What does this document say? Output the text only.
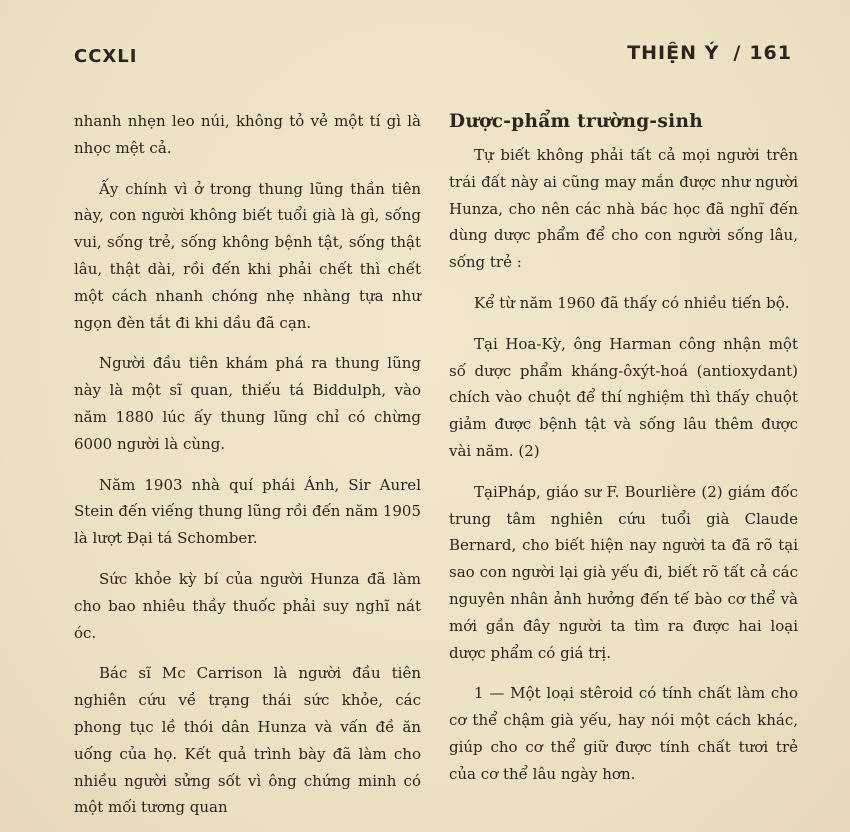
CCXLI	THIỆN Ý / 161

nhanh nhẹn leo núi, không tỏ vẻ một tí gì là nhọc mệt cả.

Ấy chính vì ở trong thung lũng thần tiên này, con người không biết tuổi già là gì, sống vui, sống trẻ, sống không bệnh tật, sống thật lâu, thật dài, rồi đến khi phải chết thì chết một cách nhanh chóng nhẹ nhàng tựa như ngọn đèn tắt đi khi dầu đã cạn.

Người đầu tiên khám phá ra thung lũng này là một sĩ quan, thiếu tá Biddulph, vào năm 1880 lúc ấy thung lũng chỉ có chừng 6000 người là cùng.

Năm 1903 nhà quí phái Ánh, Sir Aurel Stein đến viếng thung lũng rồi đến năm 1905 là lượt Đại tá Schomber.

Sức khỏe kỳ bí của người Hunza đã làm cho bao nhiêu thầy thuốc phải suy nghĩ nát óc.

Bác sĩ Mc Carrison là người đầu tiên nghiên cứu về trạng thái sức khỏe, các phong tục lề thói dân Hunza và vấn đề ăn uống của họ. Kết quả trình bày đã làm cho nhiều người sửng sốt vì ông chứng minh có một mối tương quan

Dược-phẩm trường-sinh

Tự biết không phải tất cả mọi người trên trái đất này ai cũng may mắn được như người Hunza, cho nên các nhà bác học đã nghĩ đến dùng dược phẩm để cho con người sống lâu, sống trẻ :

Kể từ năm 1960 đã thấy có nhiều tiến bộ.

Tại Hoa-Kỳ, ông Harman công nhận một số dược phẩm kháng-ôxýt-hoá (antioxydant) chích vào chuột để thí nghiệm thì thấy chuột giảm được bệnh tật và sống lâu thêm được vài năm. (2)

TạiPháp, giáo sư F. Bourlière (2) giám đốc trung tâm nghiên cứu tuổi già Claude Bernard, cho biết hiện nay người ta đã rõ tại sao con người lại già yếu đi, biết rõ tất cả các nguyên nhân ảnh hưởng đến tế bào cơ thể và mới gần đây người ta tìm ra được hai loại dược phẩm có giá trị.

1 — Một loại stêroid có tính chất làm cho cơ thể chậm già yếu, hay nói một cách khác, giúp cho cơ thể giữ được tính chất tươi trẻ của cơ thể lâu ngày hơn.
